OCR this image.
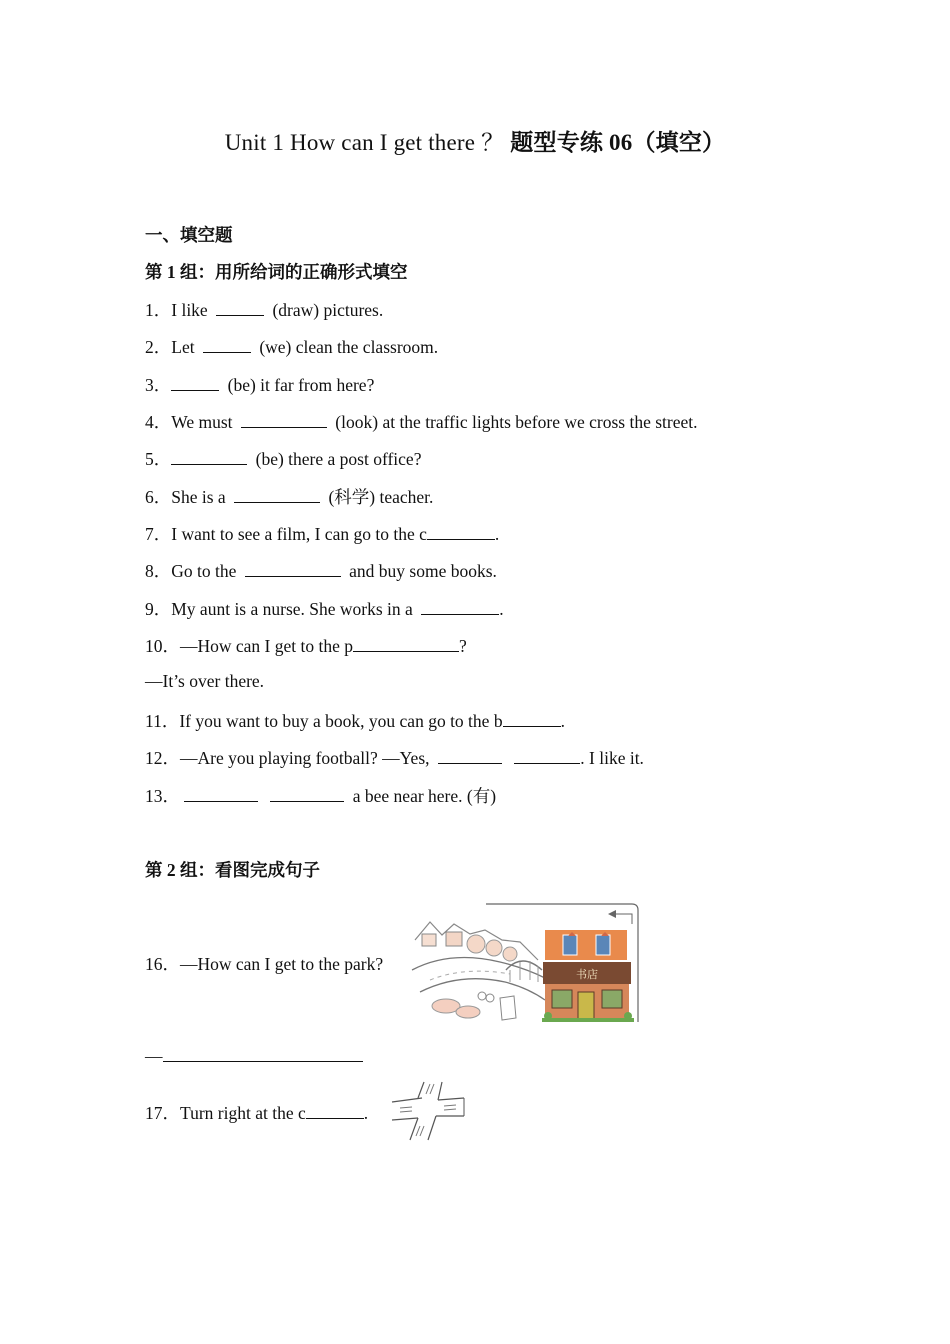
Unit 1 How can I get there ？ 题型专练 06（填空）
一、填空题
第 1 组：用所给词的正确形式填空
1．I like	(draw) pictures.
2．Let	(we) clean the classroom.
3．	(be) it far from here?
4．We must	(look) at the traffic lights before we cross the street.
5．	(be) there a post office?
6．She is a	(科学) teacher.
7．I want to see a film, I can go to the c	.
8．Go to the	and buy some books.
9．My aunt is a nurse. She works in a	.
10．—How can I get to the p	?
—It’s over there.
11．If you want to buy a book, you can go to the b	.
12．—Are you playing football? —Yes,	. I like it.
13．	a bee near here. (有)
第 2 组：看图完成句子
16．—How can I get to the park?
书店
—
17．Turn right at the c	.
